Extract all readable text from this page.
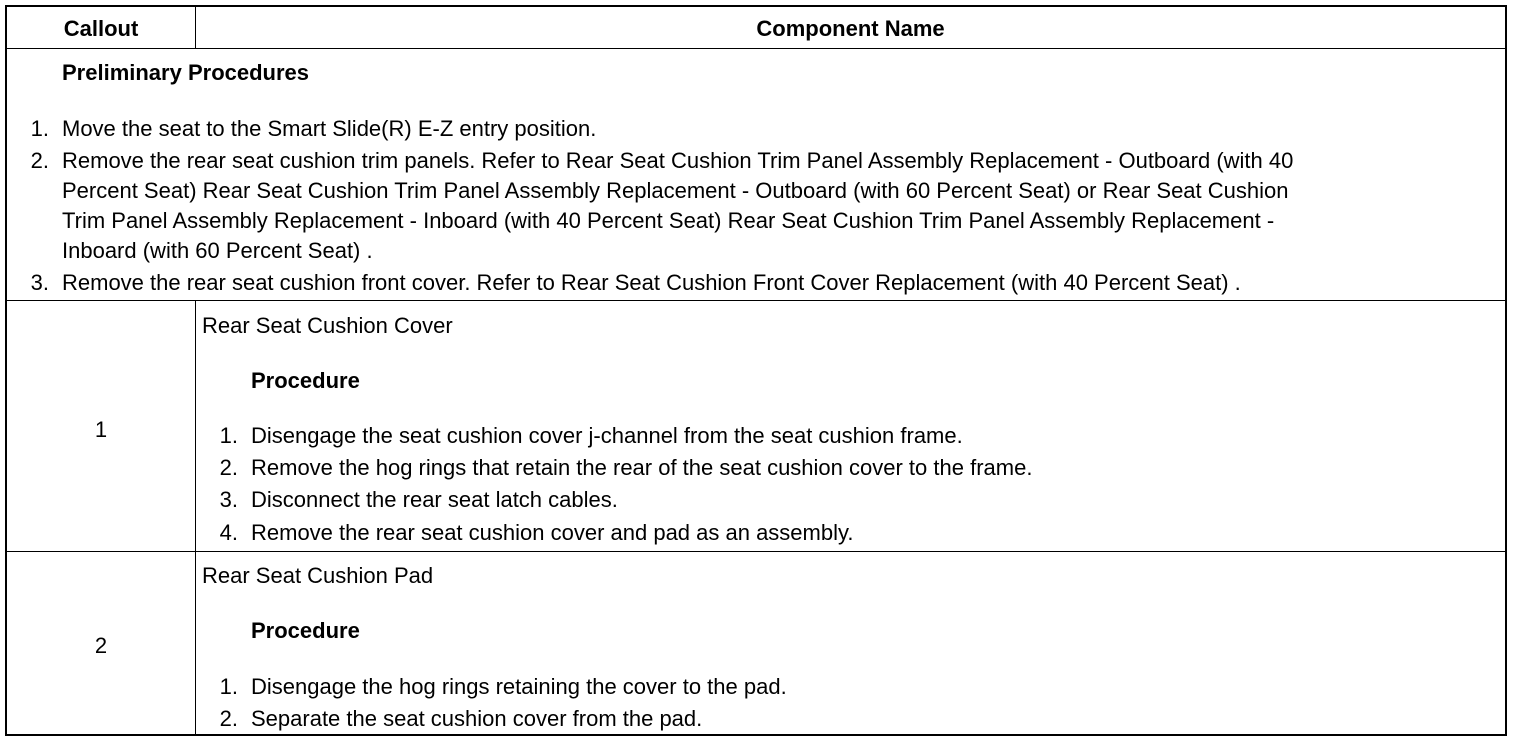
Callout	Component Name
Preliminary Procedures
1. Move the seat to the Smart Slide(R) E-Z entry position.
2. Remove the rear seat cushion trim panels. Refer to Rear Seat Cushion Trim Panel Assembly Replacement - Outboard (with 40
Percent Seat) Rear Seat Cushion Trim Panel Assembly Replacement - Outboard (with 60 Percent Seat) or Rear Seat Cushion
Trim Panel Assembly Replacement - Inboard (with 40 Percent Seat) Rear Seat Cushion Trim Panel Assembly Replacement -
Inboard (with 60 Percent Seat) .
3. Remove the rear seat cushion front cover. Refer to Rear Seat Cushion Front Cover Replacement (with 40 Percent Seat) .
1
Rear Seat Cushion Cover
Procedure
1. Disengage the seat cushion cover j-channel from the seat cushion frame.
2. Remove the hog rings that retain the rear of the seat cushion cover to the frame.
3. Disconnect the rear seat latch cables.
4. Remove the rear seat cushion cover and pad as an assembly.
2
Rear Seat Cushion Pad
Procedure
1. Disengage the hog rings retaining the cover to the pad.
2. Separate the seat cushion cover from the pad.
